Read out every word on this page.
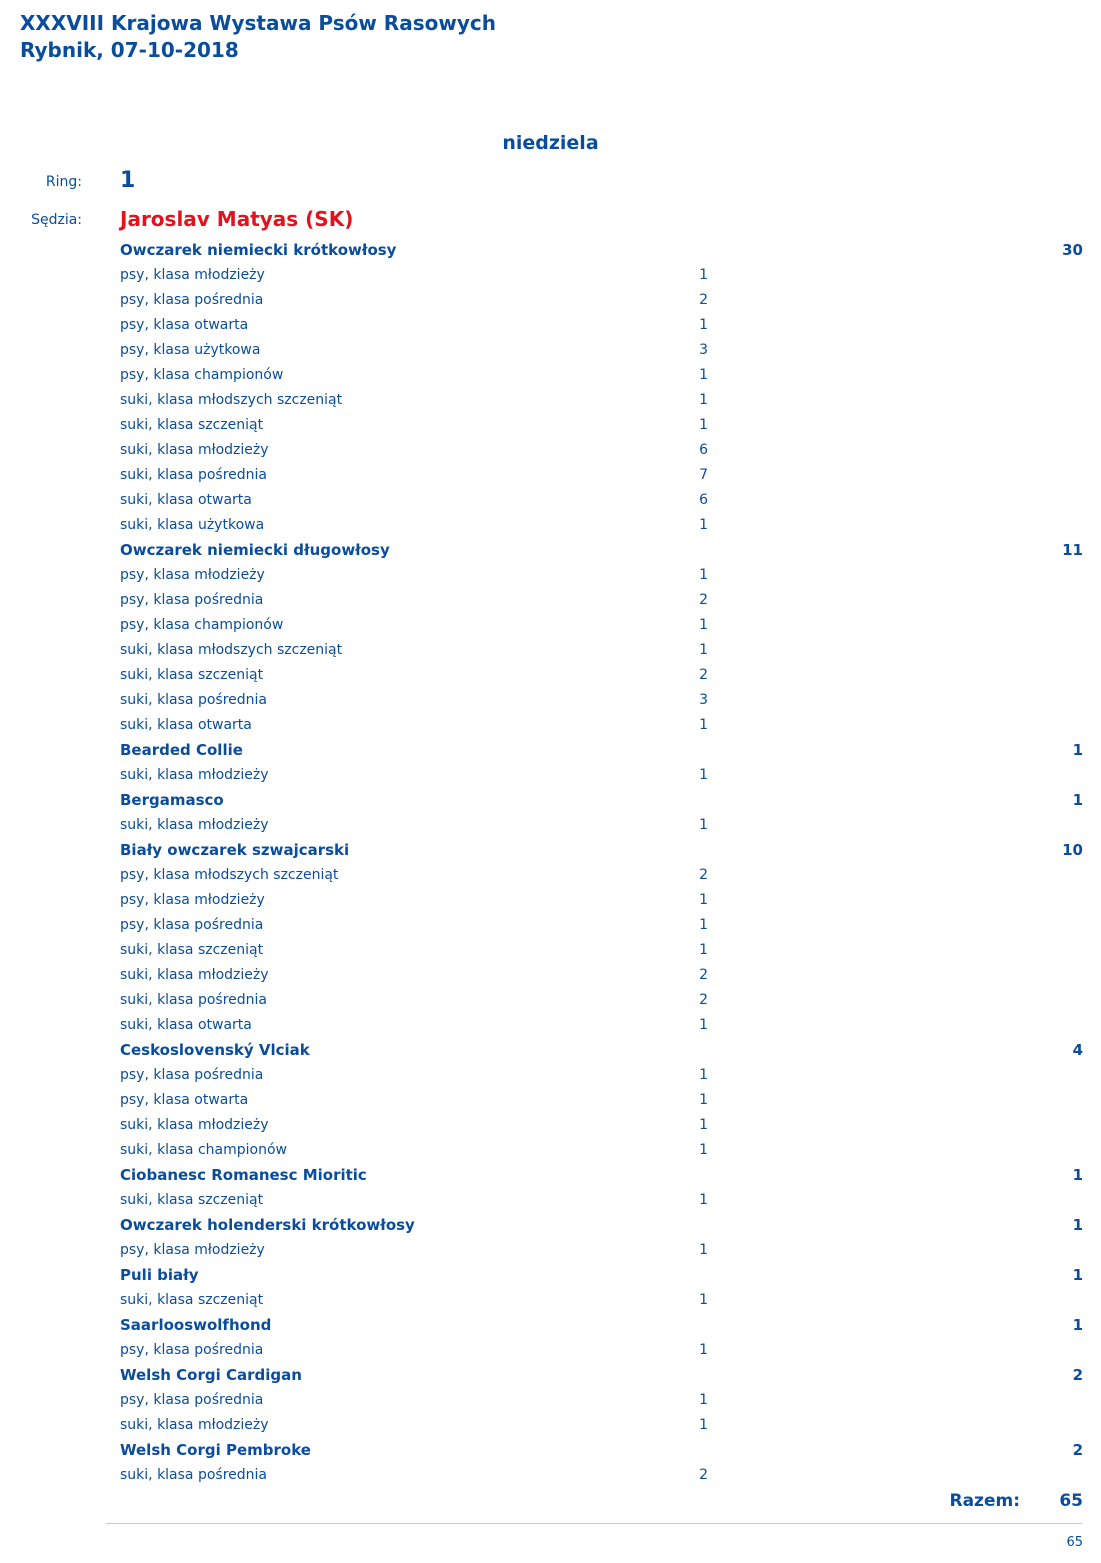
XXXVIII Krajowa Wystawa Psów Rasowych
Rybnik, 07-10-2018
niedziela
Ring: 1
Sędzia: Jaroslav Matyas (SK)
Owczarek niemiecki krótkowłosy	30
psy, klasa młodzieży	1
psy, klasa pośrednia	2
psy, klasa otwarta	1
psy, klasa użytkowa	3
psy, klasa championów	1
suki, klasa młodszych szczeniąt	1
suki, klasa szczeniąt	1
suki, klasa młodzieży	6
suki, klasa pośrednia	7
suki, klasa otwarta	6
suki, klasa użytkowa	1
Owczarek niemiecki długowłosy	11
psy, klasa młodzieży	1
psy, klasa pośrednia	2
psy, klasa championów	1
suki, klasa młodszych szczeniąt	1
suki, klasa szczeniąt	2
suki, klasa pośrednia	3
suki, klasa otwarta	1
Bearded Collie	1
suki, klasa młodzieży	1
Bergamasco	1
suki, klasa młodzieży	1
Biały owczarek szwajcarski	10
psy, klasa młodszych szczeniąt	2
psy, klasa młodzieży	1
psy, klasa pośrednia	1
suki, klasa szczeniąt	1
suki, klasa młodzieży	2
suki, klasa pośrednia	2
suki, klasa otwarta	1
Ceskoslovenský Vlciak	4
psy, klasa pośrednia	1
psy, klasa otwarta	1
suki, klasa młodzieży	1
suki, klasa championów	1
Ciobanesc Romanesc Mioritic	1
suki, klasa szczeniąt	1
Owczarek holenderski krótkowłosy	1
psy, klasa młodzieży	1
Puli biały	1
suki, klasa szczeniąt	1
Saarlooswolfhond	1
psy, klasa pośrednia	1
Welsh Corgi Cardigan	2
psy, klasa pośrednia	1
suki, klasa młodzieży	1
Welsh Corgi Pembroke	2
suki, klasa pośrednia	2
Razem: 65
65
